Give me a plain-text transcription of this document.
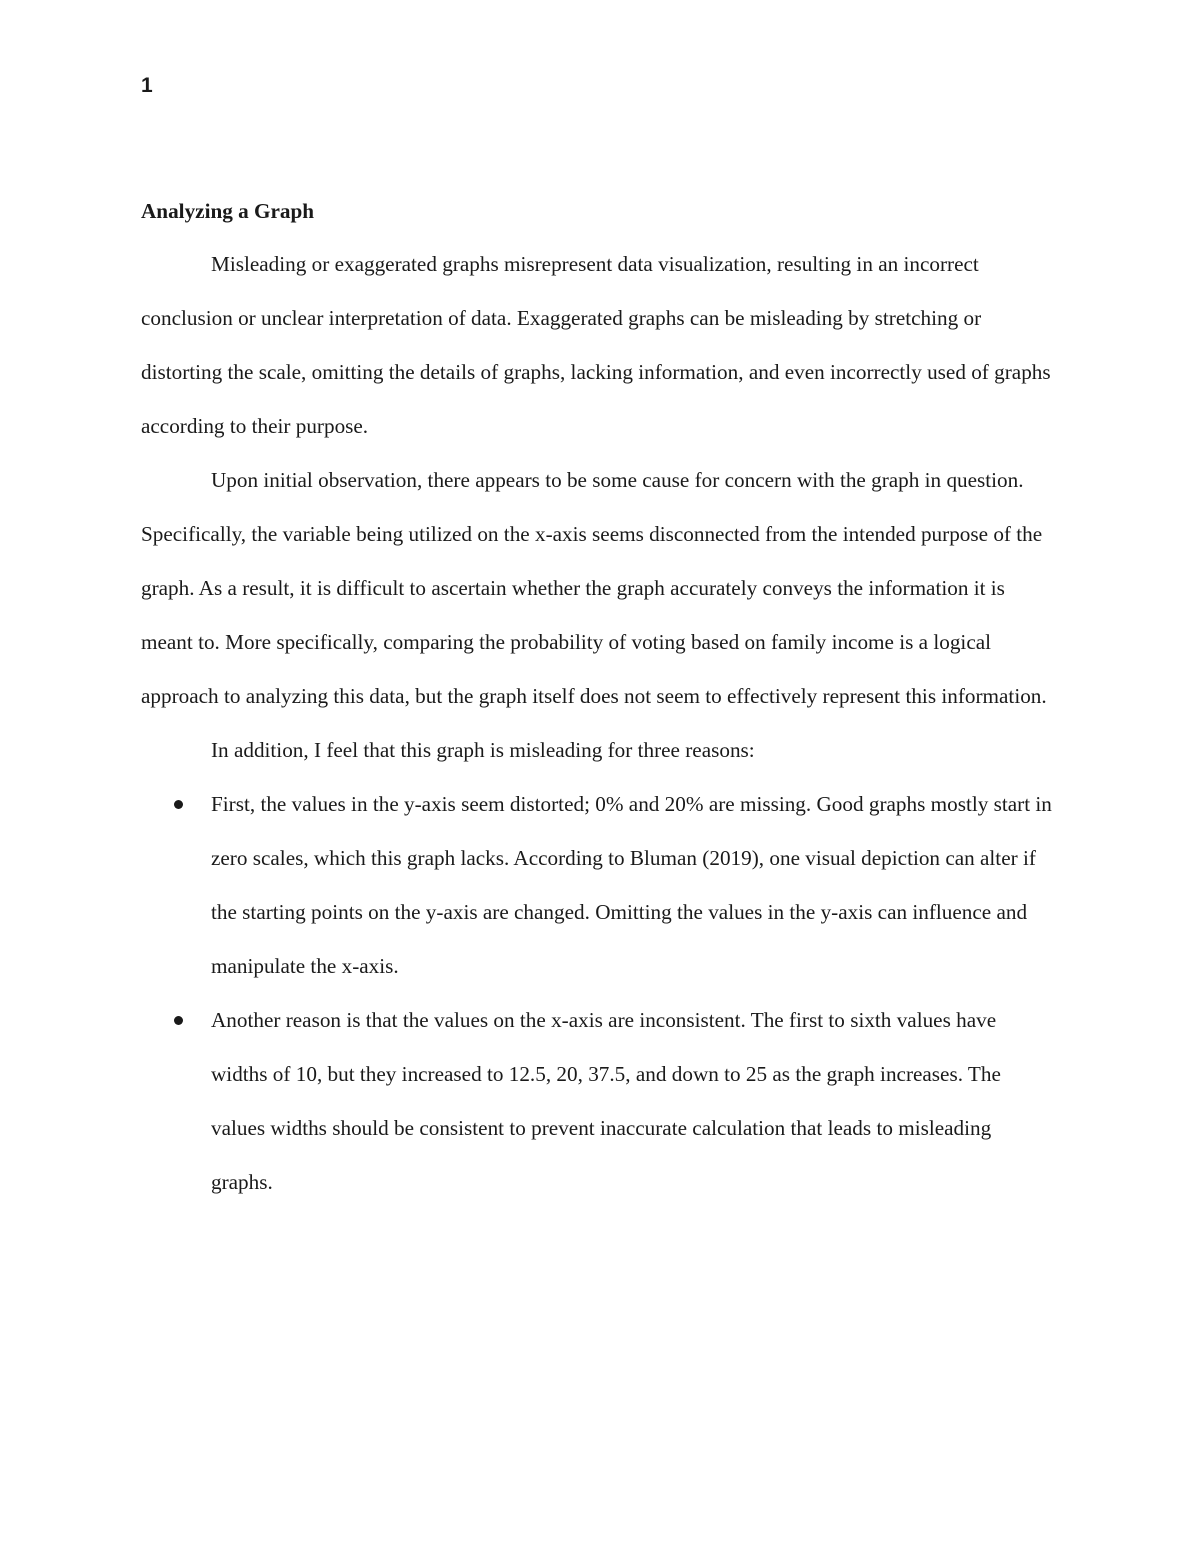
1

Analyzing a Graph

Misleading or exaggerated graphs misrepresent data visualization, resulting in an incorrect conclusion or unclear interpretation of data. Exaggerated graphs can be misleading by stretching or distorting the scale, omitting the details of graphs, lacking information, and even incorrectly used of graphs according to their purpose.

Upon initial observation, there appears to be some cause for concern with the graph in question. Specifically, the variable being utilized on the x-axis seems disconnected from the intended purpose of the graph. As a result, it is difficult to ascertain whether the graph accurately conveys the information it is meant to. More specifically, comparing the probability of voting based on family income is a logical approach to analyzing this data, but the graph itself does not seem to effectively represent this information.

In addition, I feel that this graph is misleading for three reasons:

First, the values in the y-axis seem distorted; 0% and 20% are missing. Good graphs mostly start in zero scales, which this graph lacks. According to Bluman (2019), one visual depiction can alter if the starting points on the y-axis are changed. Omitting the values in the y-axis can influence and manipulate the x-axis.
Another reason is that the values on the x-axis are inconsistent. The first to sixth values have widths of 10, but they increased to 12.5, 20, 37.5, and down to 25 as the graph increases. The values widths should be consistent to prevent inaccurate calculation that leads to misleading graphs.
